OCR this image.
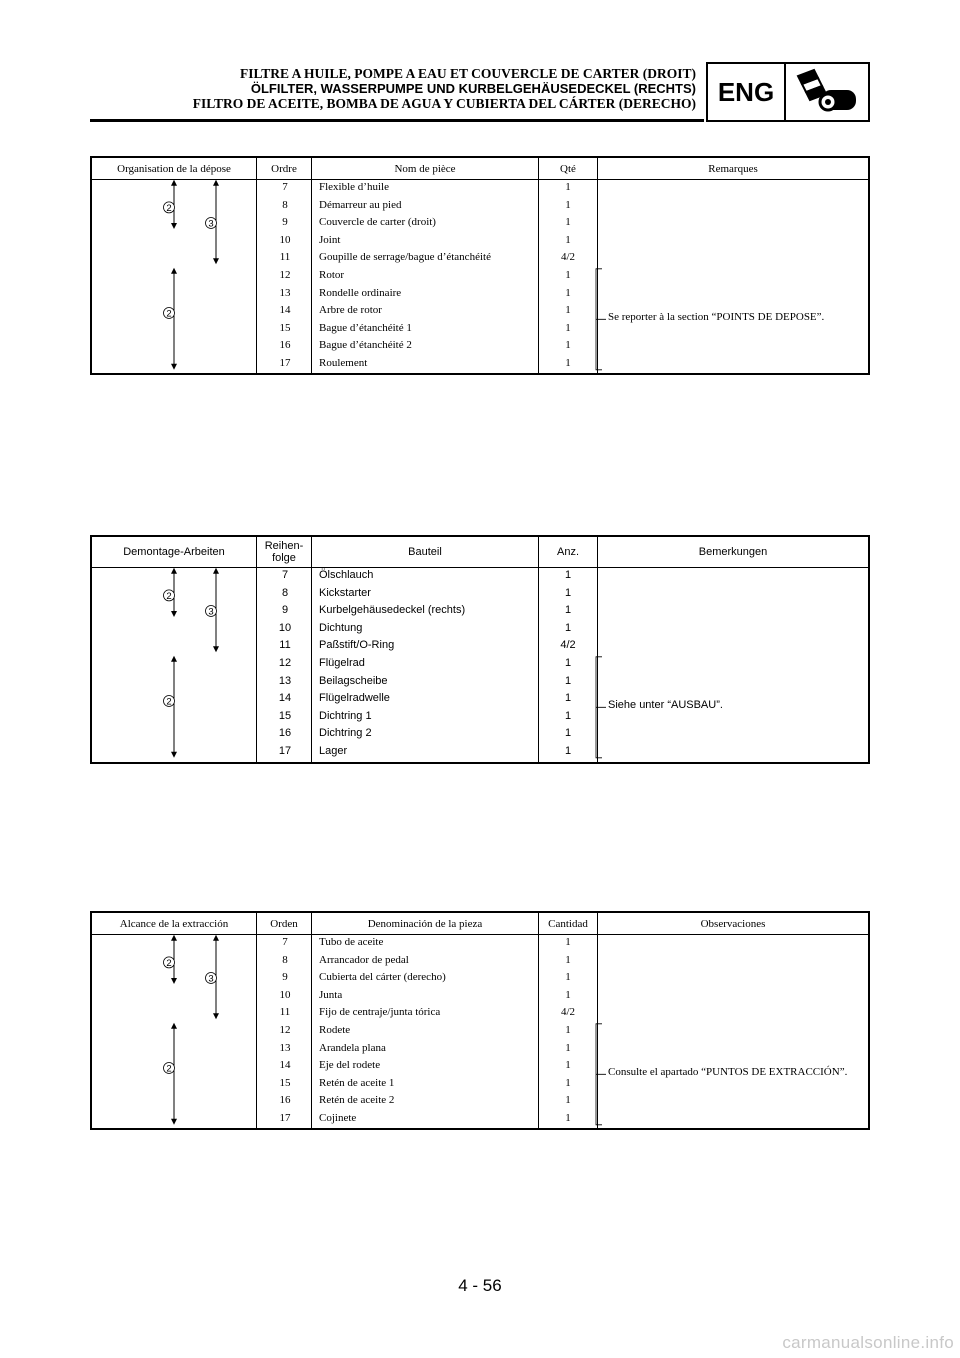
FILTRE A HUILE, POMPE A EAU ET COUVERCLE DE CARTER (DROIT)
ÖLFILTER, WASSERPUMPE UND KURBELGEHÄUSEDECKEL (RECHTS)
FILTRO DE ACEITE, BOMBA DE AGUA Y CUBIERTA DEL CÁRTER (DERECHO) ENG
Organisation de la dépose	Ordre	Nom de pièce	Qté	Remarques
7	Flexible d’huile	1
8	Démarreur au pied	1
9	Couvercle de carter (droit)	1
10	Joint	1
11	Goupille de serrage/bague d’étanchéité	4/2
12	Rotor	1
13	Rondelle ordinaire	1
14	Arbre de rotor	1
15	Bague d’étanchéité 1	1
16	Bague d’étanchéité 2	1
17	Roulement	1
Se reporter à la section “POINTS DE DEPOSE”.
2
3
2
Demontage-Arbeiten	Reihen-
folge	Bauteil	Anz.	Bemerkungen
7	Ölschlauch	1
8	Kickstarter	1
9	Kurbelgehäusedeckel (rechts)	1
10	Dichtung	1
11	Paßstift/O-Ring	4/2
12	Flügelrad	1
13	Beilagscheibe	1
14	Flügelradwelle	1
15	Dichtring 1	1
16	Dichtring 2	1
17	Lager	1
Siehe unter “AUSBAU”.
2
3
2
Alcance de la extracción	Orden	Denominación de la pieza	Cantidad	Observaciones
7	Tubo de aceite	1
8	Arrancador de pedal	1
9	Cubierta del cárter (derecho)	1
10	Junta	1
11	Fijo de centraje/junta tórica	4/2
12	Rodete	1
13	Arandela plana	1
14	Eje del rodete	1
15	Retén de aceite 1	1
16	Retén de aceite 2	1
17	Cojinete	1
Consulte el apartado “PUNTOS DE EXTRACCIÓN”.
2
3
2
4 - 56
carmanualsonline.info
